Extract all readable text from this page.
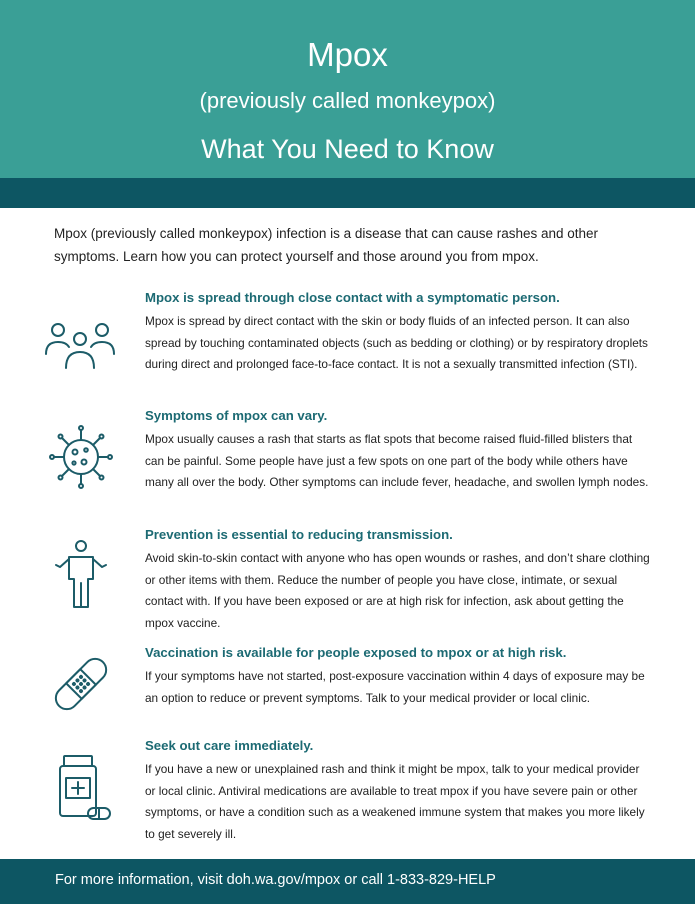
Mpox
(previously called monkeypox)
What You Need to Know

Mpox (previously called monkeypox) infection is a disease that can cause rashes and other symptoms. Learn how you can protect yourself and those around you from mpox.

Mpox is spread through close contact with a symptomatic person.
Mpox is spread by direct contact with the skin or body fluids of an infected person. It can also spread by touching contaminated objects (such as bedding or clothing) or by respiratory droplets during direct and prolonged face-to-face contact. It is not a sexually transmitted infection (STI).
Symptoms of mpox can vary.
Mpox usually causes a rash that starts as flat spots that become raised fluid-filled blisters that can be painful. Some people have just a few spots on one part of the body while others have many all over the body. Other symptoms can include fever, headache, and swollen lymph nodes.
Prevention is essential to reducing transmission.
Avoid skin-to-skin contact with anyone who has open wounds or rashes, and don’t share clothing or other items with them. Reduce the number of people you have close, intimate, or sexual contact with. If you have been exposed or are at high risk for infection, ask about getting the mpox vaccine.
Vaccination is available for people exposed to mpox or at high risk.
If your symptoms have not started, post-exposure vaccination within 4 days of exposure may be an option to reduce or prevent symptoms. Talk to your medical provider or local clinic.
Seek out care immediately.
If you have a new or unexplained rash and think it might be mpox, talk to your medical provider or local clinic. Antiviral medications are available to treat mpox if you have severe pain or other symptoms, or have a condition such as a weakened immune system that makes you more likely to get severely ill.
For more information, visit doh.wa.gov/mpox or call 1-833-829-HELP
